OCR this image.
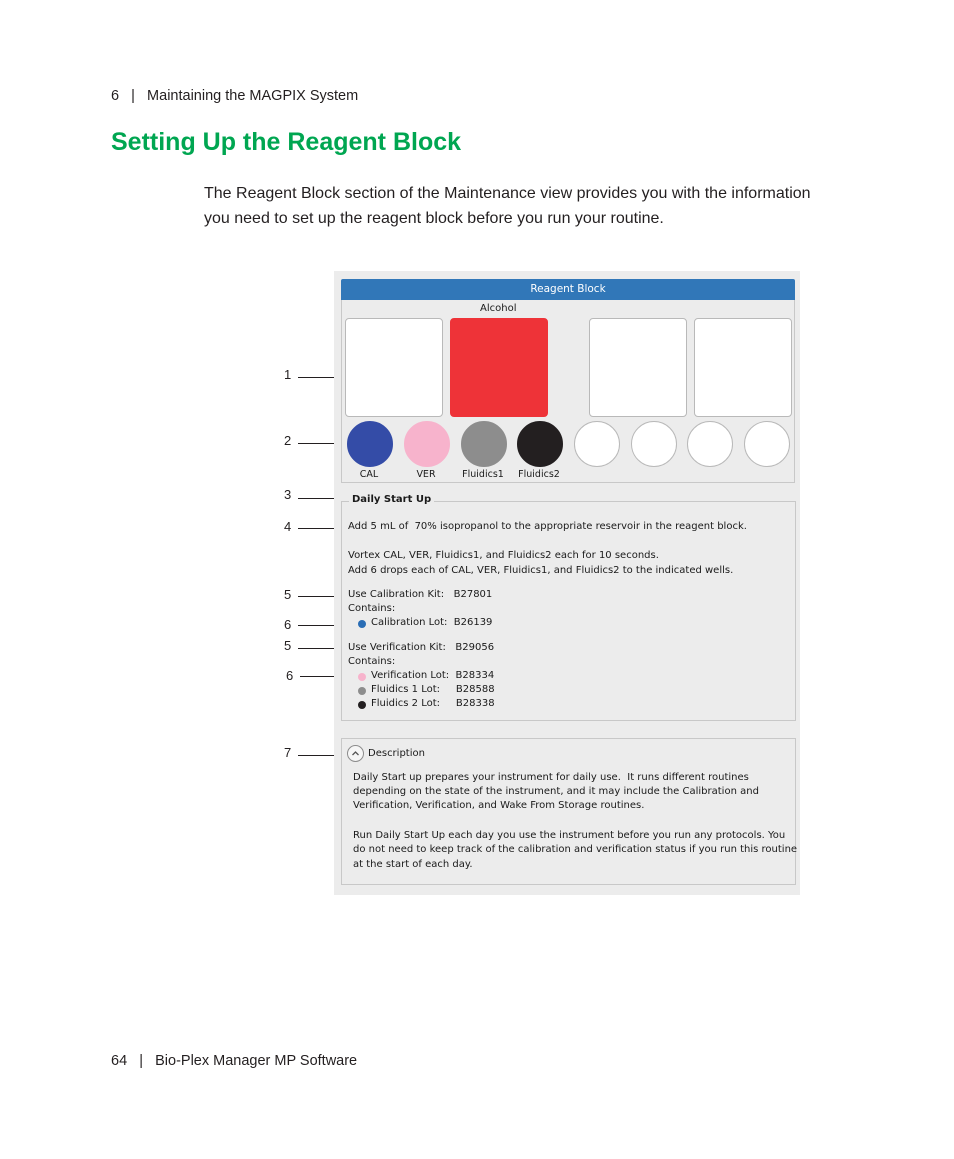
6 | Maintaining the MAGPIX System
Setting Up the Reagent Block

The Reagent Block section of the Maintenance view provides you with the information you need to set up the reagent block before you run your routine.

1
2
3
4
5
6
5
6
7
Reagent Block
Alcohol
CAL	VER	Fluidics1	Fluidics2
Daily Start Up
Add 5 mL of  70% isopropanol to the appropriate reservoir in the reagent block.
Vortex CAL, VER, Fluidics1, and Fluidics2 each for 10 seconds.
Add 6 drops each of CAL, VER, Fluidics1, and Fluidics2 to the indicated wells.
Use Calibration Kit:   B27801
Contains:
Calibration Lot:  B26139
Use Verification Kit:   B29056
Contains:
Verification Lot:  B28334
Fluidics 1 Lot:     B28588
Fluidics 2 Lot:     B28338
Description
Daily Start up prepares your instrument for daily use.  It runs different routines
depending on the state of the instrument, and it may include the Calibration and
Verification, Verification, and Wake From Storage routines.
Run Daily Start Up each day you use the instrument before you run any protocols. You
do not need to keep track of the calibration and verification status if you run this routine
at the start of each day.
64 | Bio-Plex Manager MP Software
